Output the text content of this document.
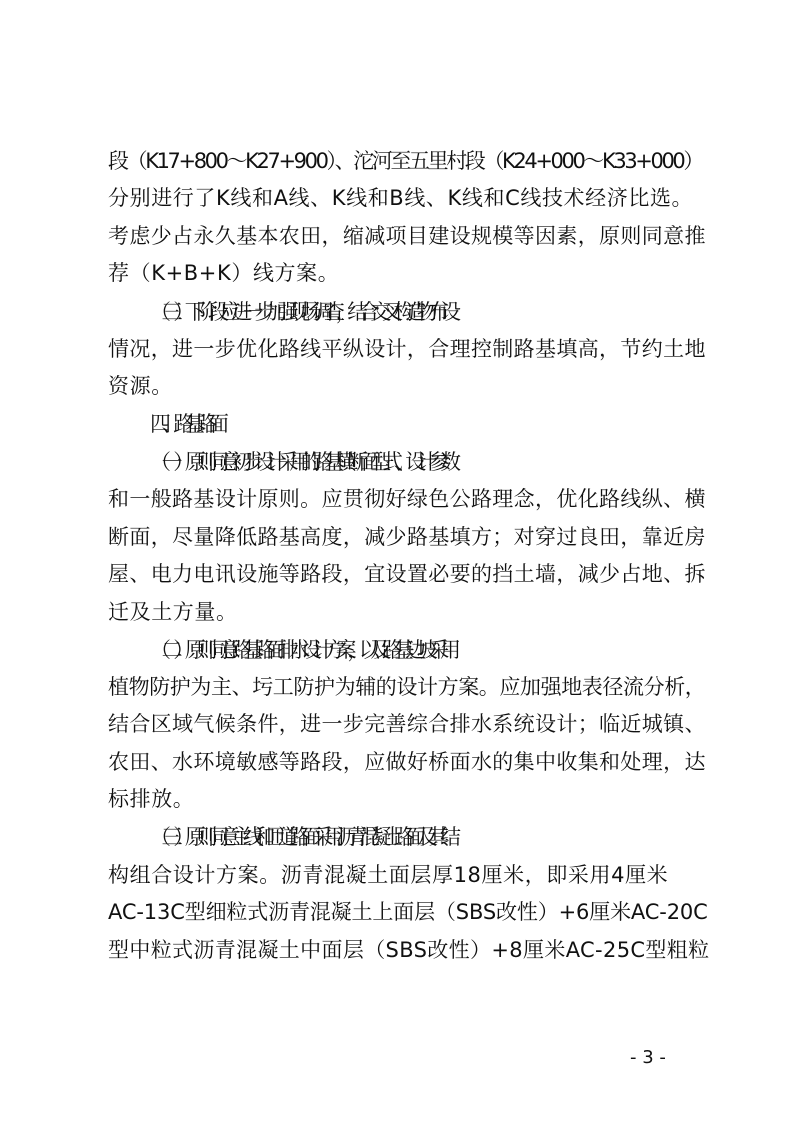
段（K17+800～K27+900）、沱河至五里村段（K24+000～K33+000）
分别进行了K线和A线、K线和B线、K线和C线技术经济比选。
考虑少占永久基本农田，缩减项目建设规模等因素，原则同意推
荐（K+B+K）线方案。
（三）下阶段应进一步加强现场调查，结合交叉构造物布设
情况，进一步优化路线平纵设计，合理控制路基填高，节约土地
资源。
四、路基路面
（一）原则同意初步设计采用的路基横断面型式、设计参数
和一般路基设计原则。应贯彻好绿色公路理念，优化路线纵、横
断面，尽量降低路基高度，减少路基填方；对穿过良田，靠近房
屋、电力电讯设施等路段，宜设置必要的挡土墙，减少占地、拆
迁及土方量。
（二）原则同意路基路面排水设计方案，以及路基边坡采用
植物防护为主、圬工防护为辅的设计方案。应加强地表径流分析，
结合区域气候条件，进一步完善综合排水系统设计；临近城镇、
农田、水环境敏感等路段，应做好桥面水的集中收集和处理，达
标排放。
（三）原则同意主线和匝道路面采用沥青混凝土路面及其结
构组合设计方案。沥青混凝土面层厚18厘米，即采用4厘米
AC-13C型细粒式沥青混凝土上面层（SBS改性）+6厘米AC-20C
型中粒式沥青混凝土中面层（SBS改性）+8厘米AC-25C型粗粒
- 3 -
